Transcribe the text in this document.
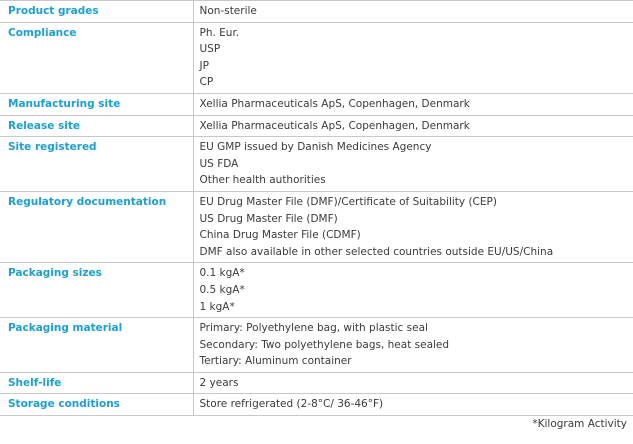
Product grades	Non-sterile

Compliance	Ph. Eur.
USP
JP
CP

Manufacturing site	Xellia Pharmaceuticals ApS, Copenhagen, Denmark

Release site	Xellia Pharmaceuticals ApS, Copenhagen, Denmark

Site registered	EU GMP issued by Danish Medicines Agency
US FDA
Other health authorities

Regulatory documentation	EU Drug Master File (DMF)/Certificate of Suitability (CEP)
US Drug Master File (DMF)
China Drug Master File (CDMF)
DMF also available in other selected countries outside EU/US/China

Packaging sizes	0.1 kgA*
0.5 kgA*
1 kgA*

Packaging material	Primary: Polyethylene bag, with plastic seal
Secondary: Two polyethylene bags, heat sealed
Tertiary: Aluminum container

Shelf-life	2 years

Storage conditions	Store refrigerated (2-8°C/ 36-46°F)
*Kilogram Activity
